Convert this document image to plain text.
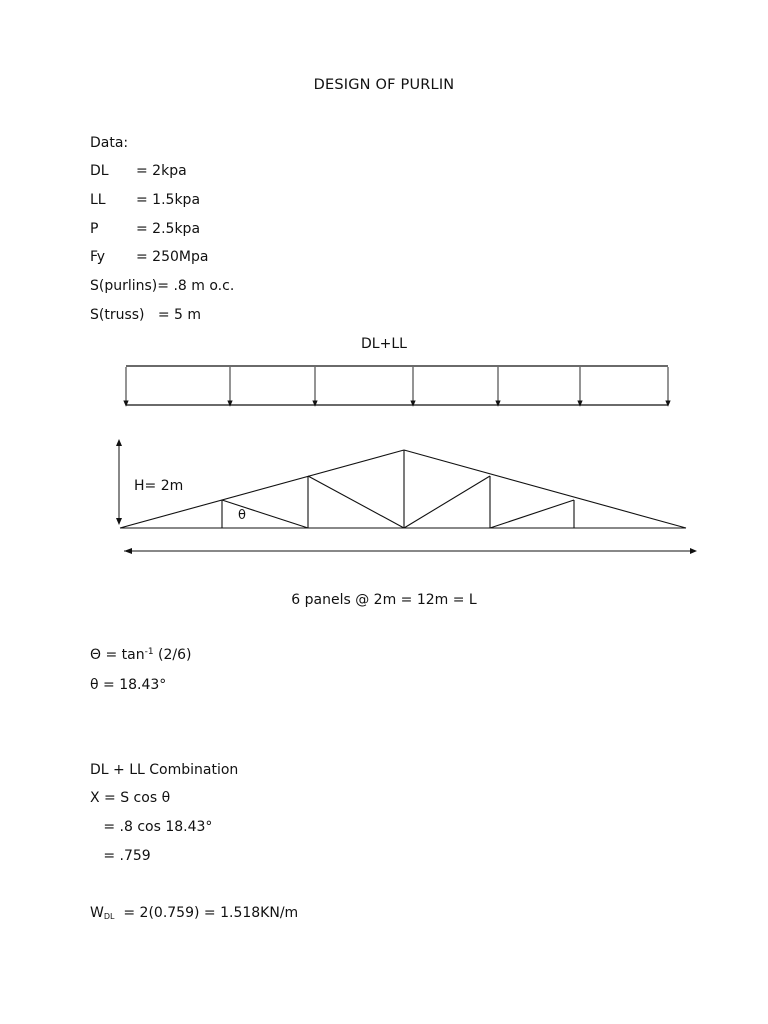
DESIGN OF PURLIN
Data:
DL = 2kpa
LL = 1.5kpa
P	= 2.5kpa
Fy = 250Mpa
S(purlins)= .8 m o.c.
S(truss)   = 5 m
DL+LL
H= 2m
θ
6 panels @ 2m = 12m = L
$\Theta = \tan^{-1} (2/6)$
θ = 18.43°
DL + LL Combination
X = S cos θ
= .8 cos 18.43°
= .759
$W_{DL} = 2(0.759) = 1.518KN/m$
